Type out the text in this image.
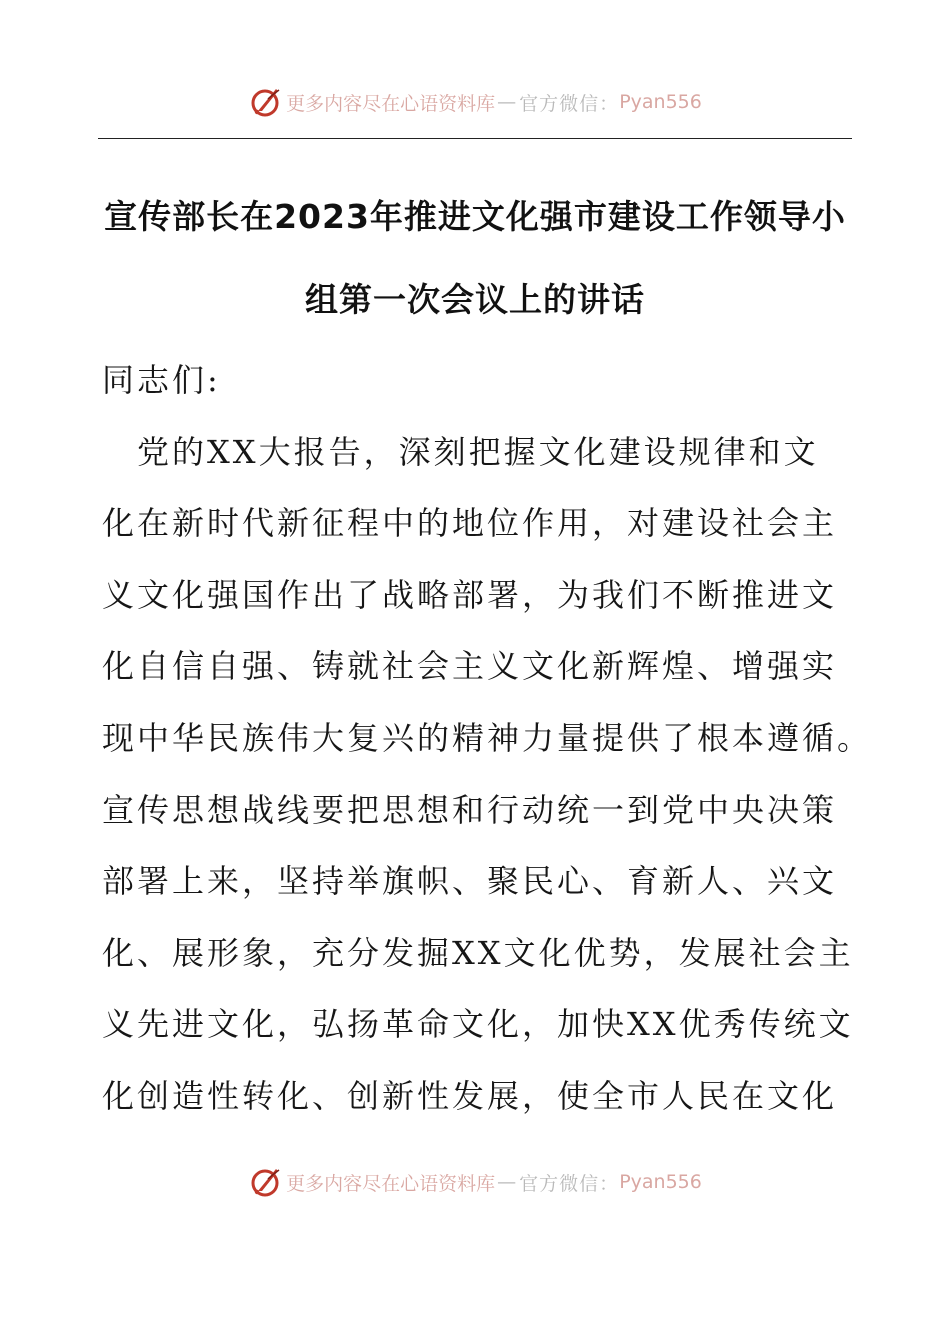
更多内容尽在心语资料库 — 官方微信： Pyan556
宣传部长在2023年推进文化强市建设工作领导小
组第一次会议上的讲话
同志们:
　党的XX大报告，深刻把握文化建设规律和文
化在新时代新征程中的地位作用，对建设社会主
义文化强国作出了战略部署，为我们不断推进文
化自信自强、铸就社会主义文化新辉煌、增强实
现中华民族伟大复兴的精神力量提供了根本遵循。
宣传思想战线要把思想和行动统一到党中央决策
部署上来，坚持举旗帜、聚民心、育新人、兴文
化、展形象，充分发掘XX文化优势，发展社会主
义先进文化，弘扬革命文化，加快XX优秀传统文
化创造性转化、创新性发展，使全市人民在文化
更多内容尽在心语资料库 — 官方微信： Pyan556
